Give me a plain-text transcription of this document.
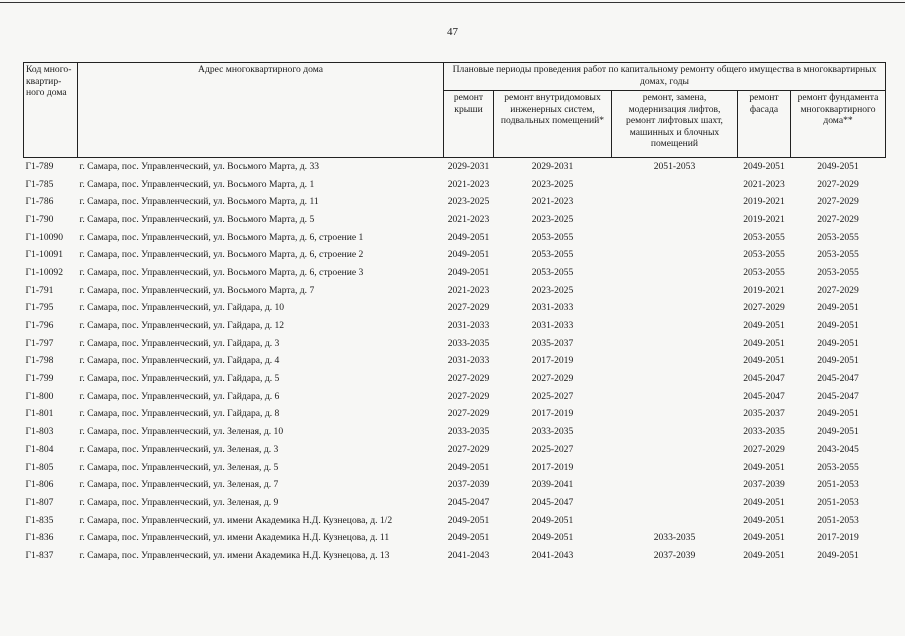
47
Код много-квартир-ного дома	Адрес многоквартирного дома	Плановые периоды проведения работ по капитальному ремонту общего имущества в многоквартирных домах, годы				
		ремонт крыши	ремонт внутридомовых инженерных систем, подвальных помещений*	ремонт, замена, модернизация лифтов, ремонт лифтовых шахт, машинных и блочных помещений	ремонт фасада	ремонт фундамента многоквартирного дома**
Г1-789	г. Самара, пос. Управленческий, ул. Восьмого Марта, д. 33	2029-2031	2029-2031	2051-2053	2049-2051	2049-2051
Г1-785	г. Самара, пос. Управленческий, ул. Восьмого Марта, д. 1	2021-2023	2023-2025		2021-2023	2027-2029
Г1-786	г. Самара, пос. Управленческий, ул. Восьмого Марта, д. 11	2023-2025	2021-2023		2019-2021	2027-2029
Г1-790	г. Самара, пос. Управленческий, ул. Восьмого Марта, д. 5	2021-2023	2023-2025		2019-2021	2027-2029
Г1-10090	г. Самара, пос. Управленческий, ул. Восьмого Марта, д. 6, строение 1	2049-2051	2053-2055		2053-2055	2053-2055
Г1-10091	г. Самара, пос. Управленческий, ул. Восьмого Марта, д. 6, строение 2	2049-2051	2053-2055		2053-2055	2053-2055
Г1-10092	г. Самара, пос. Управленческий, ул. Восьмого Марта, д. 6, строение 3	2049-2051	2053-2055		2053-2055	2053-2055
Г1-791	г. Самара, пос. Управленческий, ул. Восьмого Марта, д. 7	2021-2023	2023-2025		2019-2021	2027-2029
Г1-795	г. Самара, пос. Управленческий, ул. Гайдара, д. 10	2027-2029	2031-2033		2027-2029	2049-2051
Г1-796	г. Самара, пос. Управленческий, ул. Гайдара, д. 12	2031-2033	2031-2033		2049-2051	2049-2051
Г1-797	г. Самара, пос. Управленческий, ул. Гайдара, д. 3	2033-2035	2035-2037		2049-2051	2049-2051
Г1-798	г. Самара, пос. Управленческий, ул. Гайдара, д. 4	2031-2033	2017-2019		2049-2051	2049-2051
Г1-799	г. Самара, пос. Управленческий, ул. Гайдара, д. 5	2027-2029	2027-2029		2045-2047	2045-2047
Г1-800	г. Самара, пос. Управленческий, ул. Гайдара, д. 6	2027-2029	2025-2027		2045-2047	2045-2047
Г1-801	г. Самара, пос. Управленческий, ул. Гайдара, д. 8	2027-2029	2017-2019		2035-2037	2049-2051
Г1-803	г. Самара, пос. Управленческий, ул. Зеленая, д. 10	2033-2035	2033-2035		2033-2035	2049-2051
Г1-804	г. Самара, пос. Управленческий, ул. Зеленая, д. 3	2027-2029	2025-2027		2027-2029	2043-2045
Г1-805	г. Самара, пос. Управленческий, ул. Зеленая, д. 5	2049-2051	2017-2019		2049-2051	2053-2055
Г1-806	г. Самара, пос. Управленческий, ул. Зеленая, д. 7	2037-2039	2039-2041		2037-2039	2051-2053
Г1-807	г. Самара, пос. Управленческий, ул. Зеленая, д. 9	2045-2047	2045-2047		2049-2051	2051-2053
Г1-835	г. Самара, пос. Управленческий, ул. имени Академика Н.Д. Кузнецова, д. 1/2	2049-2051	2049-2051		2049-2051	2051-2053
Г1-836	г. Самара, пос. Управленческий, ул. имени Академика Н.Д. Кузнецова, д. 11	2049-2051	2049-2051	2033-2035	2049-2051	2017-2019
Г1-837	г. Самара, пос. Управленческий, ул. имени Академика Н.Д. Кузнецова, д. 13	2041-2043	2041-2043	2037-2039	2049-2051	2049-2051
